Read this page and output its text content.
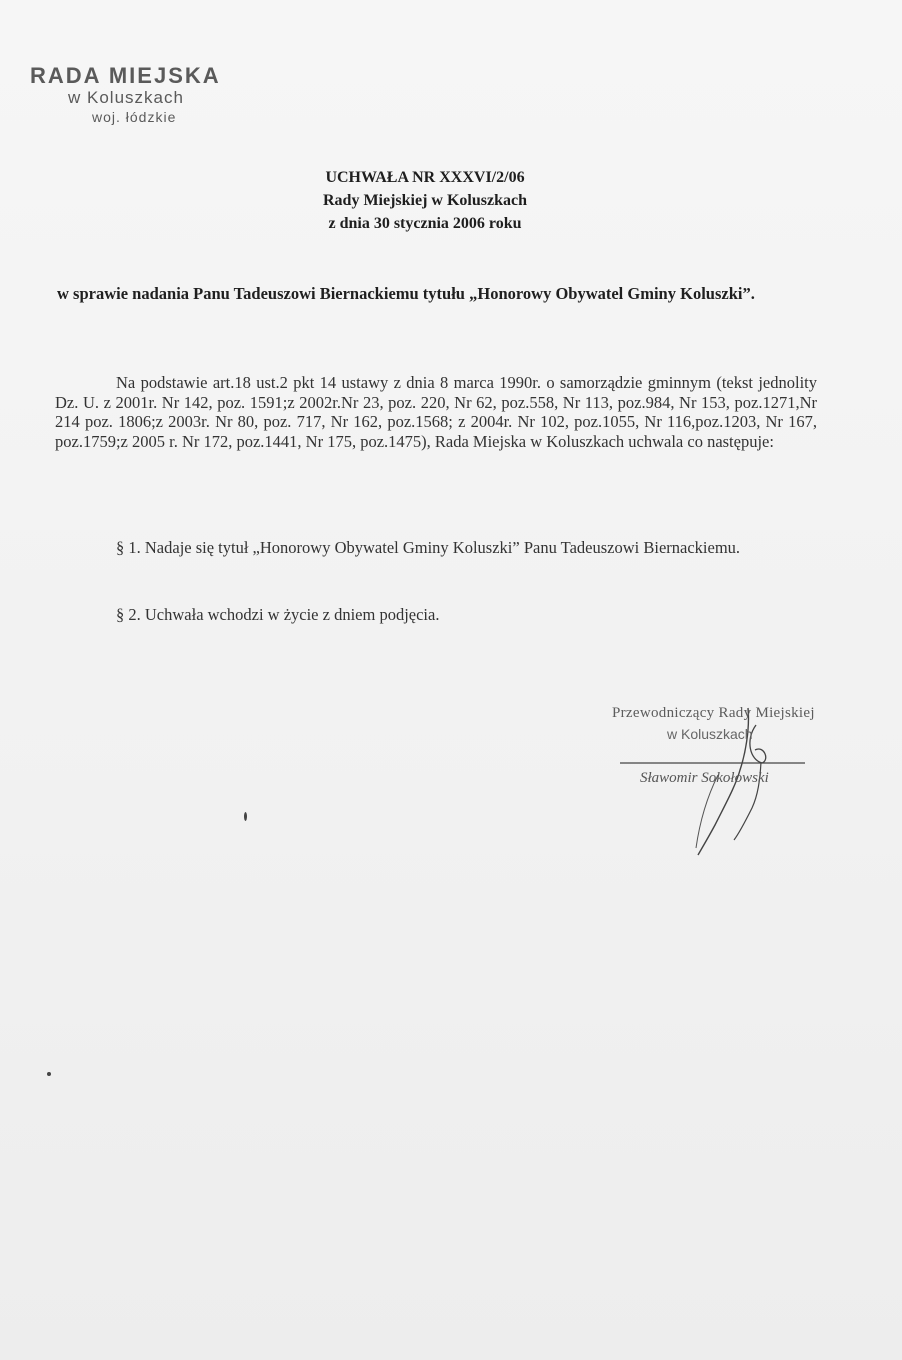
RADA MIEJSKA
w Koluszkach
woj. łódzkie
UCHWAŁA NR XXXVI/2/06
Rady Miejskiej w Koluszkach
z dnia 30 stycznia 2006 roku
w sprawie nadania Panu Tadeuszowi Biernackiemu tytułu „Honorowy Obywatel Gminy Koluszki”.
Na podstawie art.18 ust.2 pkt 14 ustawy z dnia 8 marca 1990r. o samorządzie gminnym (tekst jednolity Dz. U. z 2001r. Nr 142, poz. 1591;z 2002r.Nr 23, poz. 220, Nr 62, poz.558, Nr 113, poz.984, Nr 153, poz.1271,Nr 214 poz. 1806;z 2003r. Nr 80, poz. 717, Nr 162, poz.1568; z 2004r. Nr 102, poz.1055, Nr 116,poz.1203, Nr 167, poz.1759;z 2005 r. Nr 172, poz.1441, Nr 175, poz.1475), Rada Miejska w Koluszkach uchwala co następuje:
§ 1. Nadaje się tytuł „Honorowy Obywatel Gminy Koluszki” Panu Tadeuszowi Biernackiemu.
§ 2. Uchwała wchodzi w życie z dniem podjęcia.
Przewodniczący Rady Miejskiej
w Koluszkach
Sławomir Sokołowski
